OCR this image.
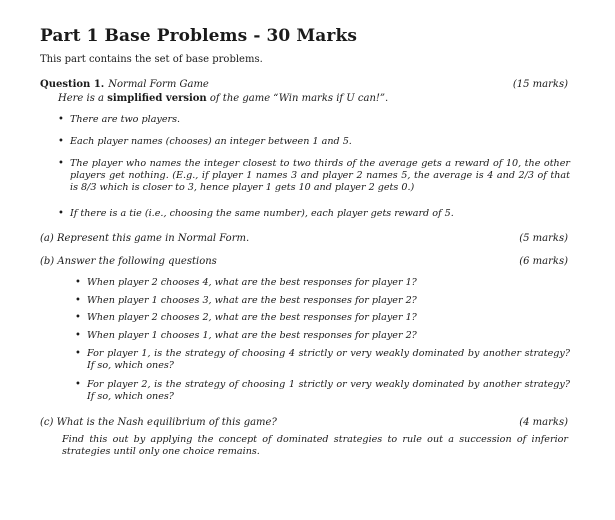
Part 1 Base Problems - 30 Marks
This part contains the set of base problems.
Question 1. Normal Form Game	(15 marks)
Here is a simplified version of the game “Win marks if U can!”.
• There are two players.
• Each player names (chooses) an integer between 1 and 5.
• The player who names the integer closest to two thirds of the average gets a reward of 10, the other players get nothing. (E.g., if player 1 names 3 and player 2 names 5, the average is 4 and 2/3 of that is 8/3 which is closer to 3, hence player 1 gets 10 and player 2 gets 0.)
• If there is a tie (i.e., choosing the same number), each player gets reward of 5.
(a) Represent this game in Normal Form.	(5 marks)
(b) Answer the following questions	(6 marks)
• When player 2 chooses 4, what are the best responses for player 1?
• When player 1 chooses 3, what are the best responses for player 2?
• When player 2 chooses 2, what are the best responses for player 1?
• When player 1 chooses 1, what are the best responses for player 2?
• For player 1, is the strategy of choosing 4 strictly or very weakly dominated by another strategy? If so, which ones?
• For player 2, is the strategy of choosing 1 strictly or very weakly dominated by another strategy? If so, which ones?
(c) What is the Nash equilibrium of this game?	(4 marks)
Find this out by applying the concept of dominated strategies to rule out a succession of inferior strategies until only one choice remains.
